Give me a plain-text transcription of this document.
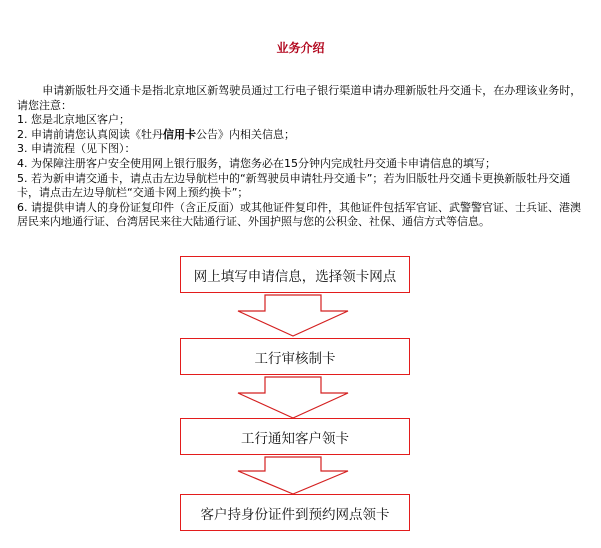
业务介绍

申请新版牡丹交通卡是指北京地区新驾驶员通过工行电子银行渠道申请办理新版牡丹交通卡，在办理该业务时，请您注意：

1. 您是北京地区客户；

2. 申请前请您认真阅读《牡丹信用卡公告》内相关信息；

3. 申请流程（见下图）：

4. 为保障注册客户安全使用网上银行服务，请您务必在15分钟内完成牡丹交通卡申请信息的填写；

5. 若为新申请交通卡，请点击左边导航栏中的“新驾驶员申请牡丹交通卡”；若为旧版牡丹交通卡更换新版牡丹交通卡，请点击左边导航栏“交通卡网上预约换卡”；

6. 请提供申请人的身份证复印件（含正反面）或其他证件复印件，其他证件包括军官证、武警警官证、士兵证、港澳居民来内地通行证、台湾居民来往大陆通行证、外国护照与您的公积金、社保、通信方式等信息。

网上填写申请信息，选择领卡网点
工行审核制卡
工行通知客户领卡
客户持身份证件到预约网点领卡
